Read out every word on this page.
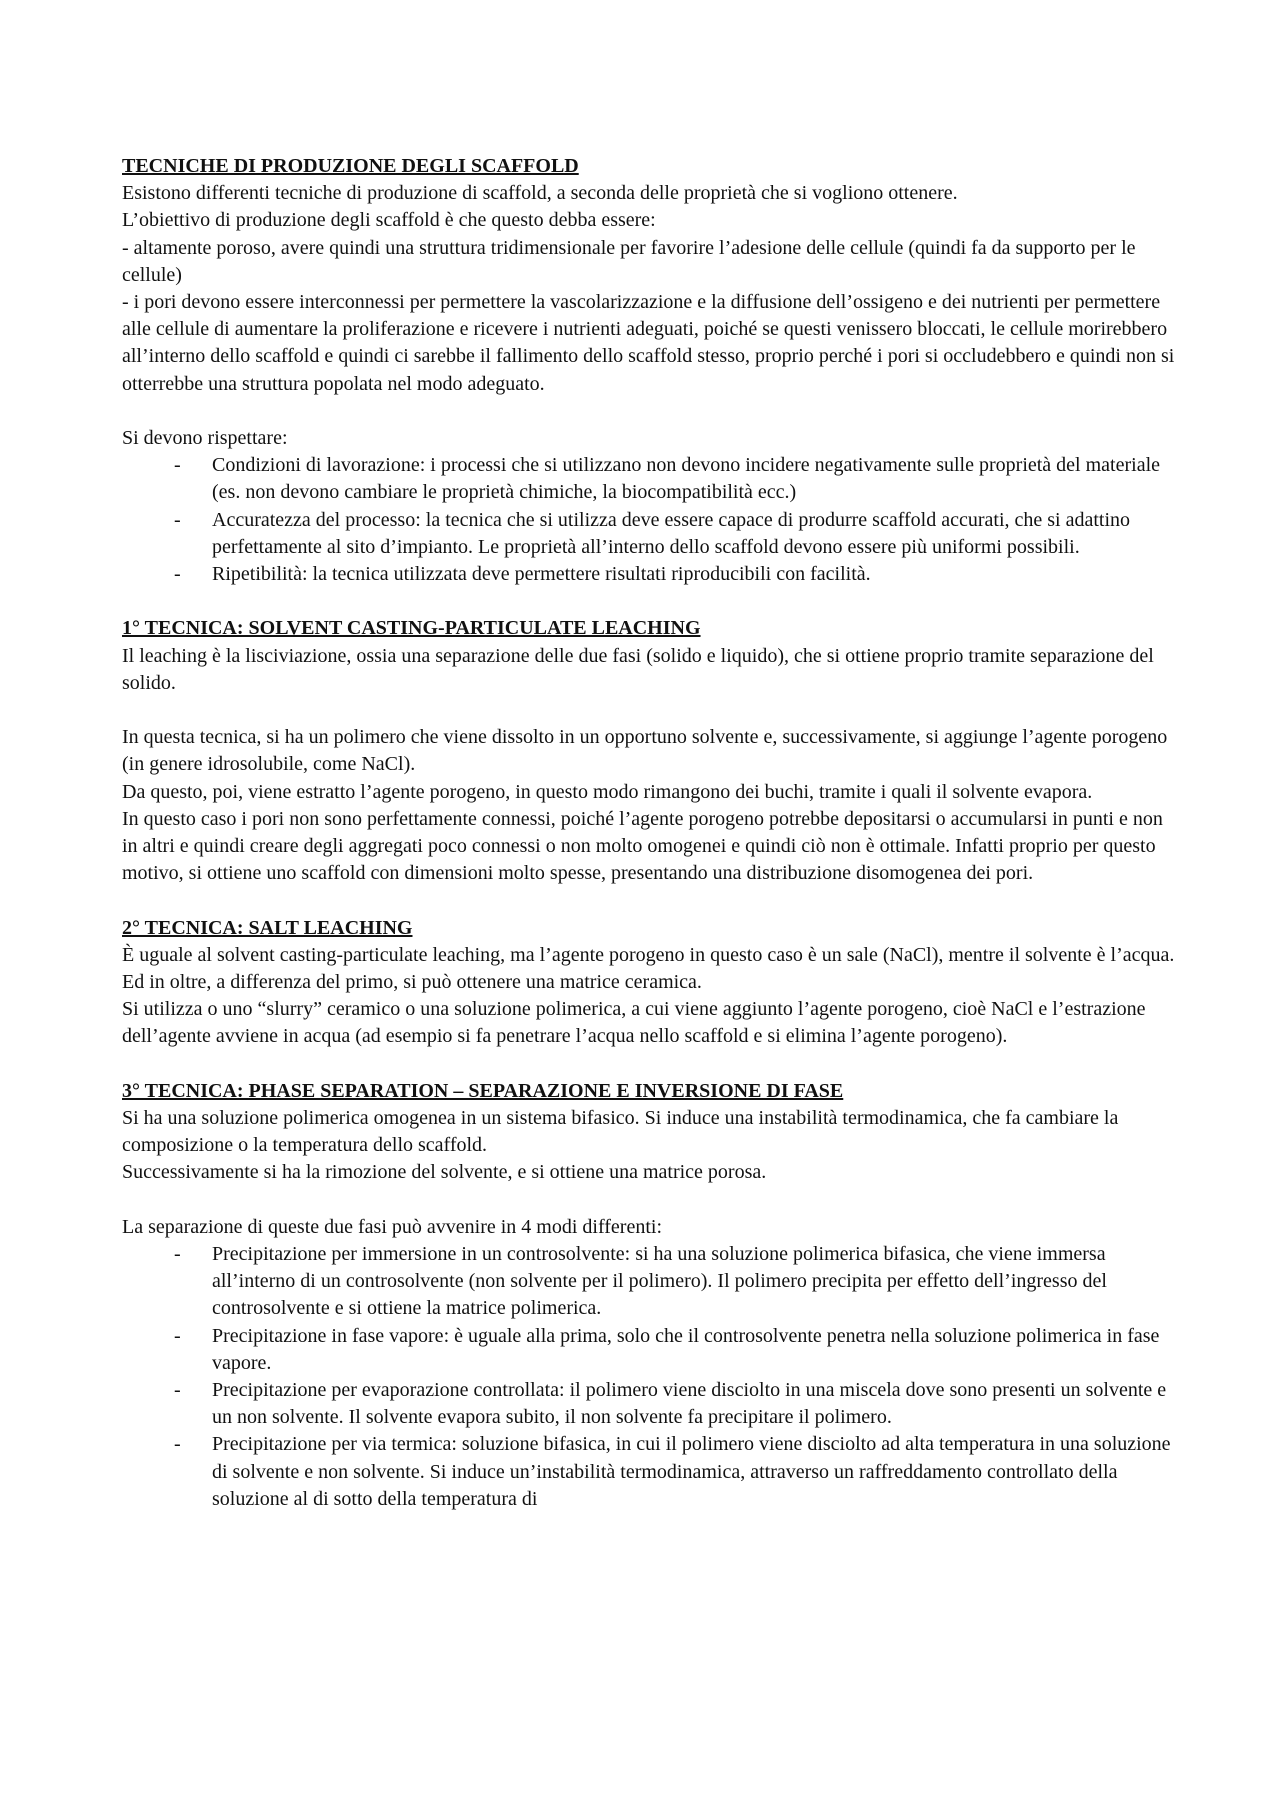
TECNICHE DI PRODUZIONE DEGLI SCAFFOLD

Esistono differenti tecniche di produzione di scaffold, a seconda delle proprietà che si vogliono ottenere.

L’obiettivo di produzione degli scaffold è che questo debba essere:

- altamente poroso, avere quindi una struttura tridimensionale per favorire l’adesione delle cellule (quindi fa da supporto per le cellule)

- i pori devono essere interconnessi per permettere la vascolarizzazione e la diffusione dell’ossigeno e dei nutrienti per permettere alle cellule di aumentare la proliferazione e ricevere i nutrienti adeguati, poiché se questi venissero bloccati, le cellule morirebbero all’interno dello scaffold e quindi ci sarebbe il fallimento dello scaffold stesso, proprio perché i pori si occludebbero e quindi non si otterrebbe una struttura popolata nel modo adeguato.

Si devono rispettare:

- Condizioni di lavorazione: i processi che si utilizzano non devono incidere negativamente sulle proprietà del materiale (es. non devono cambiare le proprietà chimiche, la biocompatibilità ecc.)
- Accuratezza del processo: la tecnica che si utilizza deve essere capace di produrre scaffold accurati, che si adattino perfettamente al sito d’impianto. Le proprietà all’interno dello scaffold devono essere più uniformi possibili.
- Ripetibilità: la tecnica utilizzata deve permettere risultati riproducibili con facilità.

1° TECNICA: SOLVENT CASTING-PARTICULATE LEACHING

Il leaching è la lisciviazione, ossia una separazione delle due fasi (solido e liquido), che si ottiene proprio tramite separazione del solido.

In questa tecnica, si ha un polimero che viene dissolto in un opportuno solvente e, successivamente, si aggiunge l’agente porogeno (in genere idrosolubile, come NaCl).

Da questo, poi, viene estratto l’agente porogeno, in questo modo rimangono dei buchi, tramite i quali il solvente evapora.

In questo caso i pori non sono perfettamente connessi, poiché l’agente porogeno potrebbe depositarsi o accumularsi in punti e non in altri e quindi creare degli aggregati poco connessi o non molto omogenei e quindi ciò non è ottimale. Infatti proprio per questo motivo, si ottiene uno scaffold con dimensioni molto spesse, presentando una distribuzione disomogenea dei pori.

2° TECNICA: SALT LEACHING

È uguale al solvent casting-particulate leaching, ma l’agente porogeno in questo caso è un sale (NaCl), mentre il solvente è l’acqua. Ed in oltre, a differenza del primo, si può ottenere una matrice ceramica.

Si utilizza o uno “slurry” ceramico o una soluzione polimerica, a cui viene aggiunto l’agente porogeno, cioè NaCl e l’estrazione dell’agente avviene in acqua (ad esempio si fa penetrare l’acqua nello scaffold e si elimina l’agente porogeno).

3° TECNICA: PHASE SEPARATION – SEPARAZIONE E INVERSIONE DI FASE

Si ha una soluzione polimerica omogenea in un sistema bifasico. Si induce una instabilità termodinamica, che fa cambiare la composizione o la temperatura dello scaffold.

Successivamente si ha la rimozione del solvente, e si ottiene una matrice porosa.

La separazione di queste due fasi può avvenire in 4 modi differenti:

- Precipitazione per immersione in un controsolvente: si ha una soluzione polimerica bifasica, che viene immersa all’interno di un controsolvente (non solvente per il polimero). Il polimero precipita per effetto dell’ingresso del controsolvente e si ottiene la matrice polimerica.
- Precipitazione in fase vapore: è uguale alla prima, solo che il controsolvente penetra nella soluzione polimerica in fase vapore.
- Precipitazione per evaporazione controllata: il polimero viene disciolto in una miscela dove sono presenti un solvente e un non solvente. Il solvente evapora subito, il non solvente fa precipitare il polimero.
- Precipitazione per via termica: soluzione bifasica, in cui il polimero viene disciolto ad alta temperatura in una soluzione di solvente e non solvente. Si induce un’instabilità termodinamica, attraverso un raffreddamento controllato della soluzione al di sotto della temperatura di
